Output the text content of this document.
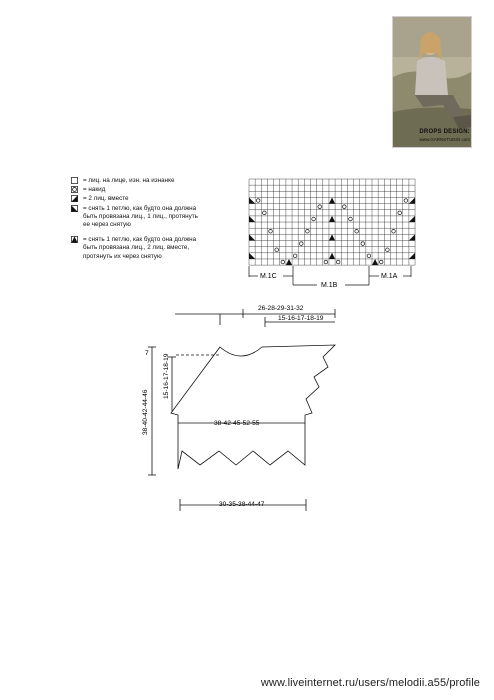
DROPS DESIGN:
www.GARNSTUDIO.com
= лиц. на лице, изн. на изнанке
= накид
= 2 лиц. вместе
= снять 1 петлю, как будто она должна
быть провязана лиц., 1 лиц., протянуть
ее через снятую
= снять 1 петлю, как будто она должна
быть провязана лиц., 2 лиц. вместе,
протянуть их через снятую
M.1C
M.1B
M.1A
26-28-29-31-32
15-16-17-18-19
38-42-45-52-55
30-35-38-44-47
7
38-40-42-44-46
15-16-17-18-19
www.liveinternet.ru/users/melodii.a55/profile
